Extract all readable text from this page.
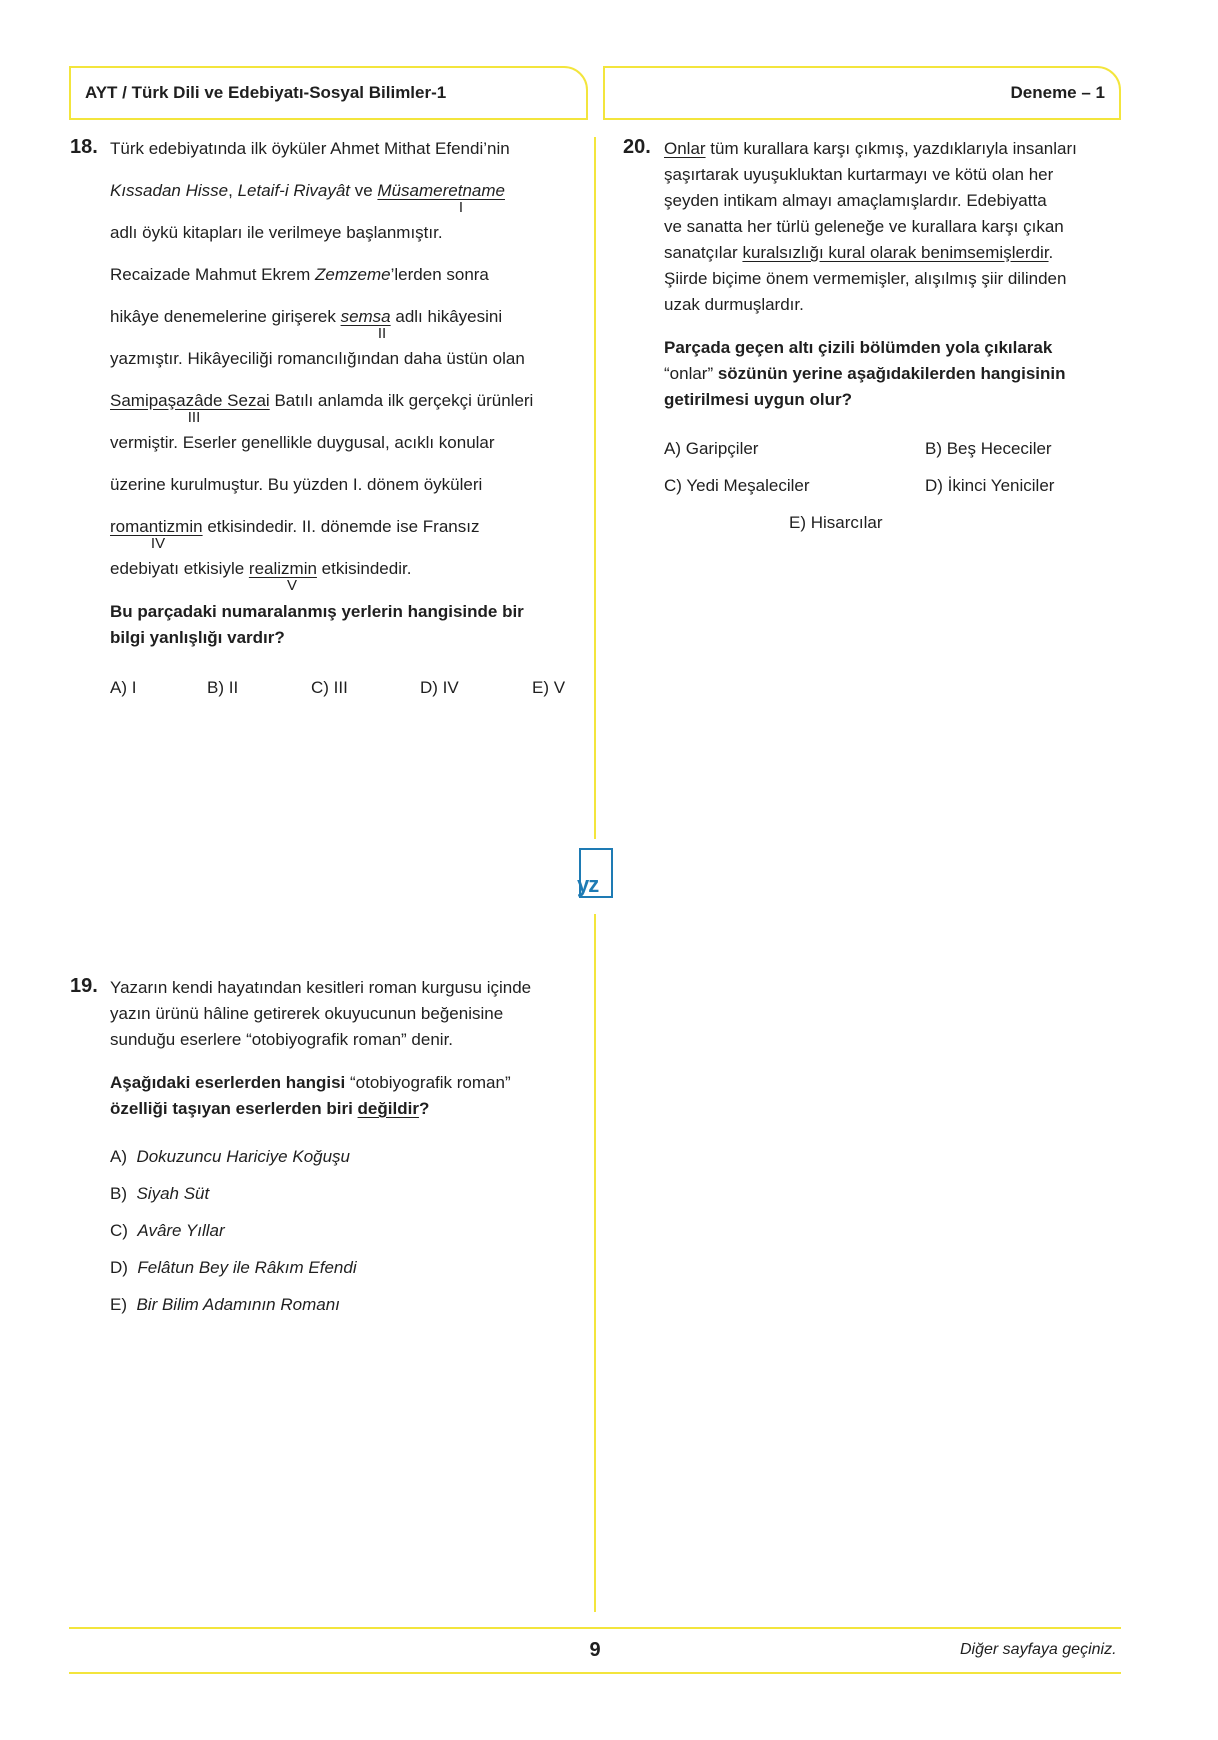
AYT / Türk Dili ve Edebiyatı-Sosyal Bilimler-1	Deneme – 1
yz
18. Türk edebiyatında ilk öyküler Ahmet Mithat Efendi’nin
Kıssadan Hisse, Letaif-i Rivayât ve Müsameretname
I
adlı öykü kitapları ile verilmeye başlanmıştır.
Recaizade Mahmut Ekrem Zemzeme’lerden sonra
hikâye denemelerine girişerek semsa adlı hikâyesini
II
yazmıştır. Hikâyeciliği romancılığından daha üstün olan
Samipaşazâde Sezai Batılı anlamda ilk gerçekçi ürünleri
III
vermiştir. Eserler genellikle duygusal, acıklı konular
üzerine kurulmuştur. Bu yüzden I. dönem öyküleri
romantizmin etkisindedir. II. dönemde ise Fransız
IV
edebiyatı etkisiyle realizmin etkisindedir.
V
Bu parçadaki numaralanmış yerlerin hangisinde bir
bilgi yanlışlığı vardır?
A) I	B) II	C) III	D) IV	E) V
19. Yazarın kendi hayatından kesitleri roman kurgusu içinde
yazın ürünü hâline getirerek okuyucunun beğenisine
sunduğu eserlere “otobiyografik roman” denir.
Aşağıdaki eserlerden hangisi “otobiyografik roman”
özelliği taşıyan eserlerden biri değildir?
A) Dokuzuncu Hariciye Koğuşu
B) Siyah Süt
C) Avâre Yıllar
D) Felâtun Bey ile Râkım Efendi
E) Bir Bilim Adamının Romanı
20. Onlar tüm kurallara karşı çıkmış, yazdıklarıyla insanları
şaşırtarak uyuşukluktan kurtarmayı ve kötü olan her
şeyden intikam almayı amaçlamışlardır. Edebiyatta
ve sanatta her türlü geleneğe ve kurallara karşı çıkan
sanatçılar kuralsızlığı kural olarak benimsemişlerdir.
Şiirde biçime önem vermemişler, alışılmış şiir dilinden
uzak durmuşlardır.
Parçada geçen altı çizili bölümden yola çıkılarak
“onlar” sözünün yerine aşağıdakilerden hangisinin
getirilmesi uygun olur?
A) Garipçiler	B) Beş Hececiler
C) Yedi Meşaleciler	D) İkinci Yeniciler
E) Hisarcılar
9	Diğer sayfaya geçiniz.
